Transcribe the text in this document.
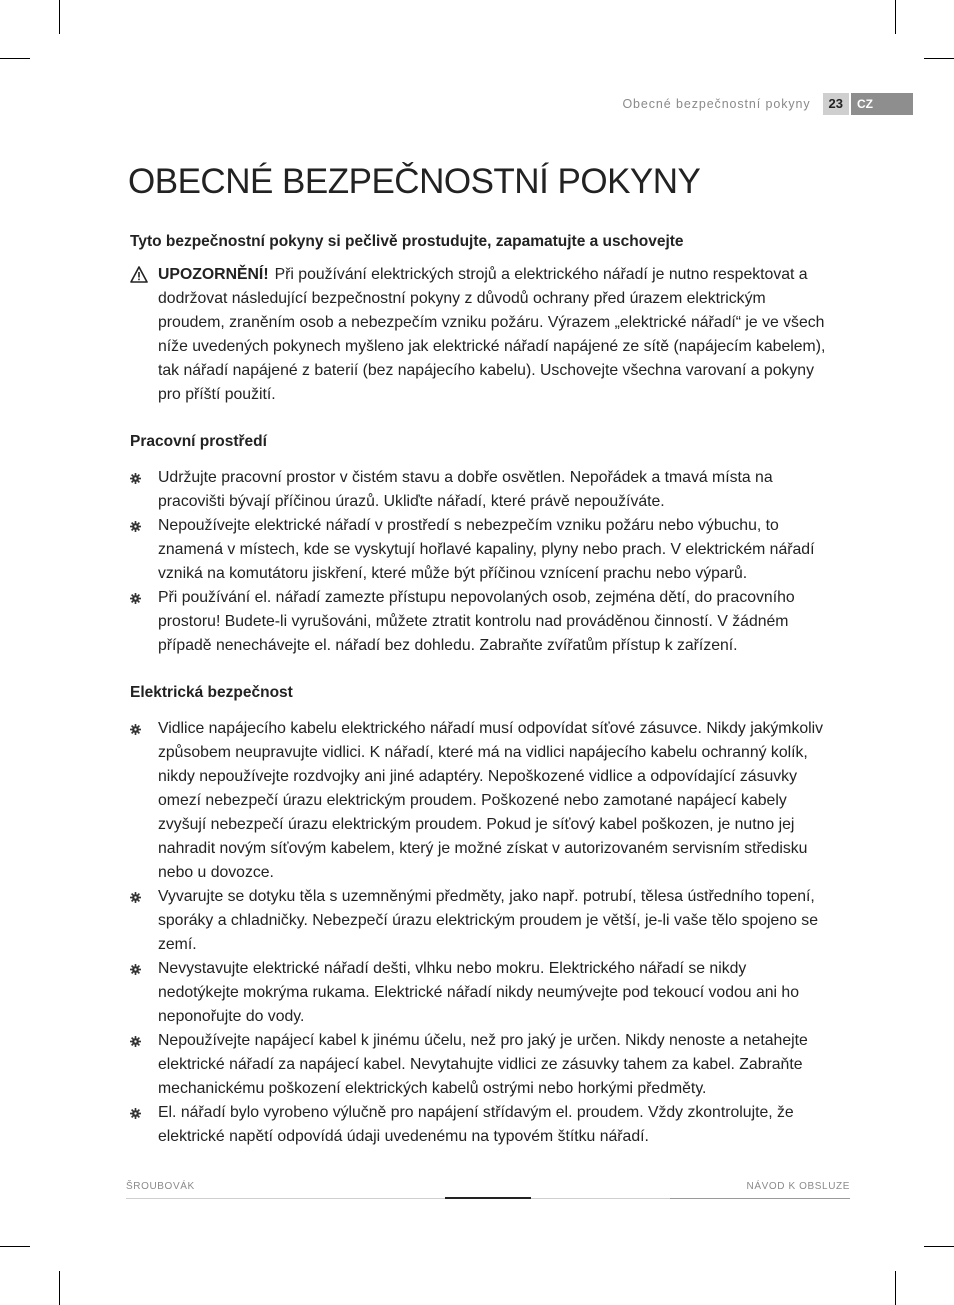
Obecné bezpečnostní pokyny	23	CZ
OBECNÉ BEZPEČNOSTNÍ POKYNY

Tyto bezpečnostní pokyny si pečlivě prostudujte, zapamatujte a uschovejte

UPOZORNĚNÍ! Při používání elektrických strojů a elektrického nářadí je nutno respektovat a dodržovat následující bezpečnostní pokyny z důvodů ochrany před úrazem elektrickým proudem, zraněním osob a nebezpečím vzniku požáru. Výrazem „elektrické nářadí“ je ve všech níže uvedených pokynech myšleno jak elektrické nářadí napájené ze sítě (napájecím kabelem), tak nářadí napájené z baterií (bez napájecího kabelu). Uschovejte všechna varovaní a pokyny pro příští použití.

Pracovní prostředí

Udržujte pracovní prostor v čistém stavu a dobře osvětlen. Nepořádek a tmavá místa na pracovišti bývají příčinou úrazů. Ukliďte nářadí, které právě nepoužíváte.
Nepoužívejte elektrické nářadí v prostředí s nebezpečím vzniku požáru nebo výbuchu, to znamená v místech, kde se vyskytují hořlavé kapaliny, plyny nebo prach. V elektrickém nářadí vzniká na komutátoru jiskření, které může být příčinou vznícení prachu nebo výparů.
Při používání el. nářadí zamezte přístupu nepovolaných osob, zejména dětí, do pracovního prostoru! Budete-li vyrušováni, můžete ztratit kontrolu nad prováděnou činností. V žádném případě nenechávejte el. nářadí bez dohledu. Zabraňte zvířatům přístup k zařízení.

Elektrická bezpečnost

Vidlice napájecího kabelu elektrického nářadí musí odpovídat síťové zásuvce. Nikdy jakýmkoliv způsobem neupravujte vidlici. K nářadí, které má na vidlici napájecího kabelu ochranný kolík, nikdy nepoužívejte rozdvojky ani jiné adaptéry. Nepoškozené vidlice a odpovídající zásuvky omezí nebezpečí úrazu elektrickým proudem. Poškozené nebo zamotané napájecí kabely zvyšují nebezpečí úrazu elektrickým proudem. Pokud je síťový kabel poškozen, je nutno jej nahradit novým síťovým kabelem, který je možné získat v autorizovaném servisním středisku nebo u dovozce.
Vyvarujte se dotyku těla s uzemněnými předměty, jako např. potrubí, tělesa ústředního topení, sporáky a chladničky. Nebezpečí úrazu elektrickým proudem je větší, je-li vaše tělo spojeno se zemí.
Nevystavujte elektrické nářadí dešti, vlhku nebo mokru. Elektrického nářadí se nikdy nedotýkejte mokrýma rukama. Elektrické nářadí nikdy neumývejte pod tekoucí vodou ani ho neponořujte do vody.
Nepoužívejte napájecí kabel k jinému účelu, než pro jaký je určen. Nikdy nenoste a netahejte elektrické nářadí za napájecí kabel. Nevytahujte vidlici ze zásuvky tahem za kabel. Zabraňte mechanickému poškození elektrických kabelů ostrými nebo horkými předměty.
El. nářadí bylo vyrobeno výlučně pro napájení střídavým el. proudem. Vždy zkontrolujte, že elektrické napětí odpovídá údaji uvedenému na typovém štítku nářadí.
ŠROUBOVÁK	NÁVOD K OBSLUZE
